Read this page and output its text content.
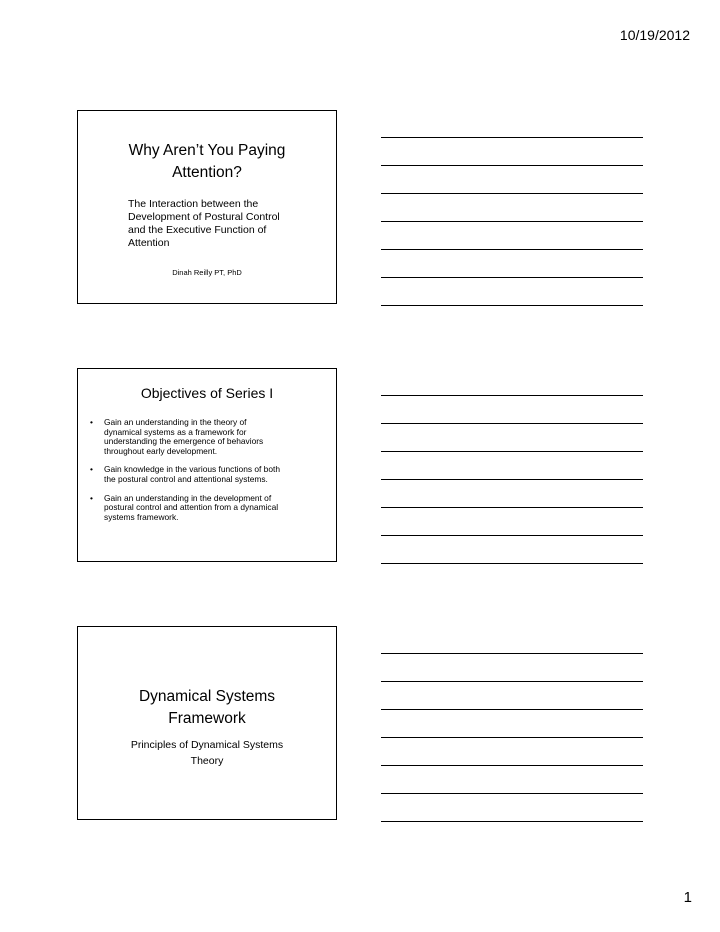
10/19/2012
Why Aren’t You Paying
Attention?
The Interaction between the
Development of Postural Control
and the Executive Function of
Attention
Dinah Reilly PT, PhD
Objectives of Series I
• Gain an understanding in the theory of
dynamical systems as a framework for
understanding the emergence of behaviors
throughout early development.
• Gain knowledge in the various functions of both
the postural control and attentional systems.
• Gain an understanding in the development of
postural control and attention from a dynamical
systems framework.
Dynamical Systems
Framework
Principles of Dynamical Systems
Theory
1
